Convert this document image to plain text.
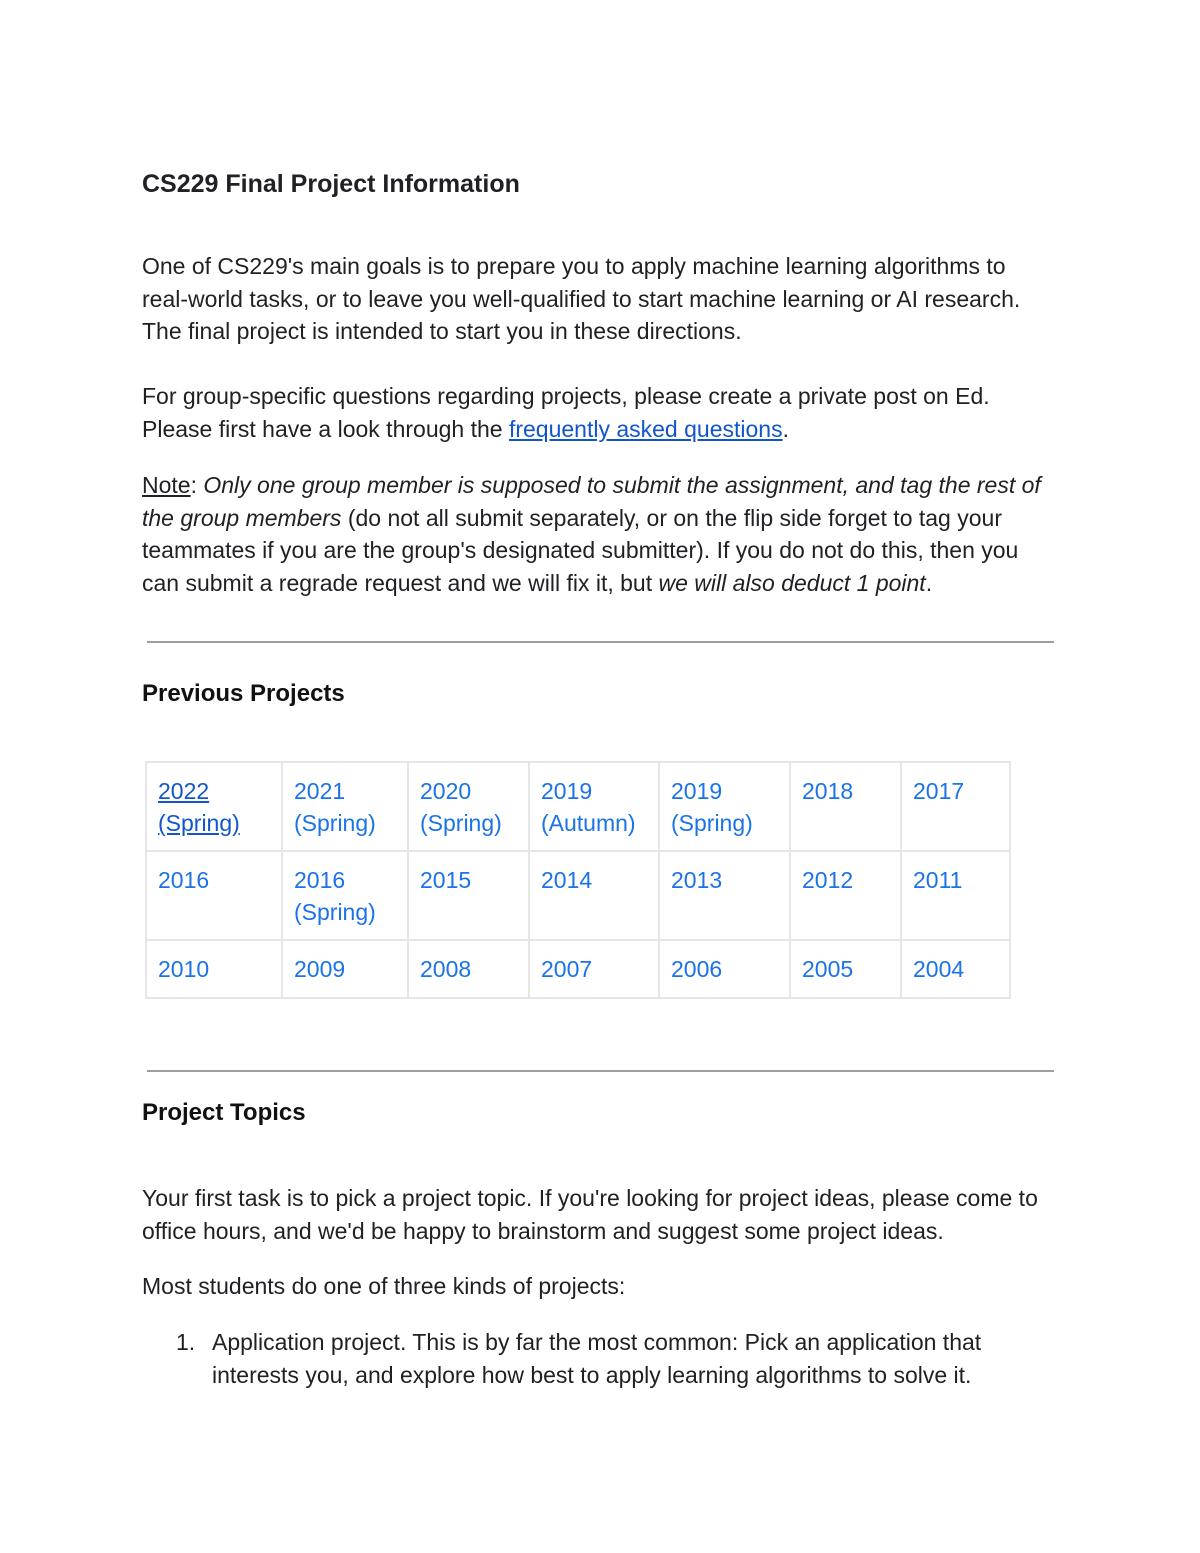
CS229 Final Project Information
One of CS229's main goals is to prepare you to apply machine learning algorithms to real-world tasks, or to leave you well-qualified to start machine learning or AI research. The final project is intended to start you in these directions.
For group-specific questions regarding projects, please create a private post on Ed. Please first have a look through the frequently asked questions.
Note: Only one group member is supposed to submit the assignment, and tag the rest of the group members (do not all submit separately, or on the flip side forget to tag your teammates if you are the group's designated submitter). If you do not do this, then you can submit a regrade request and we will fix it, but we will also deduct 1 point.
Previous Projects
2022 (Spring)	2021 (Spring)	2020 (Spring)	2019 (Autumn)	2019 (Spring)	2018	2017
2016	2016 (Spring)	2015	2014	2013	2012	2011
2010	2009	2008	2007	2006	2005	2004
Project Topics
Your first task is to pick a project topic. If you're looking for project ideas, please come to office hours, and we'd be happy to brainstorm and suggest some project ideas.
Most students do one of three kinds of projects:
1. Application project. This is by far the most common: Pick an application that interests you, and explore how best to apply learning algorithms to solve it.
